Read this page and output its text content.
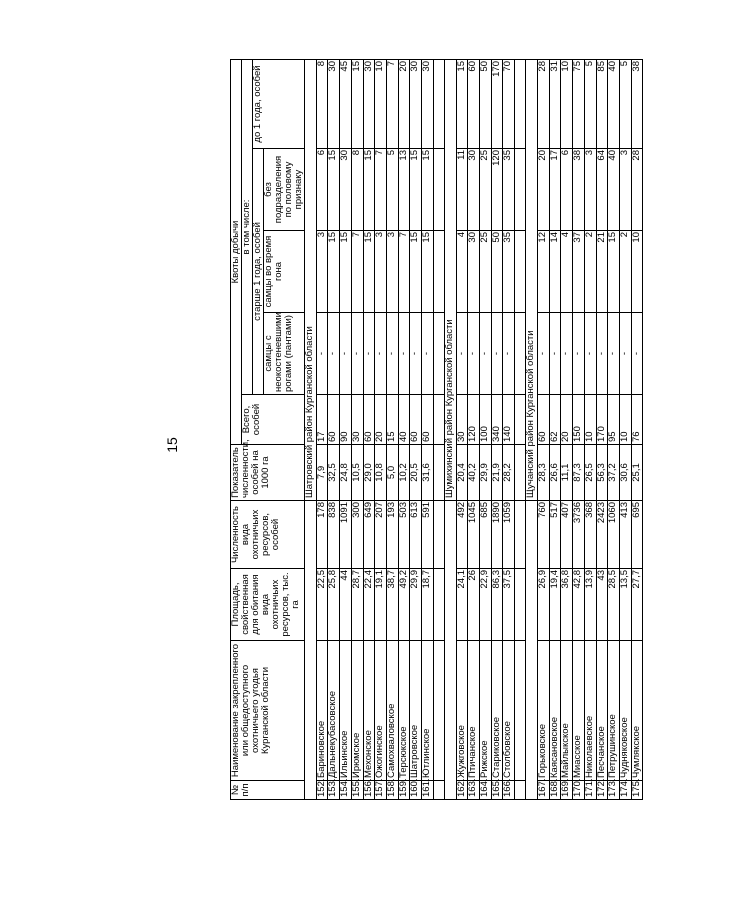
15
№ п/п	Наименование закрепленного или общедоступного охотничьего угодья Курганской области	Площадь, свойственная для обитания вида охотничьих ресурсов, тыс. га	Численность вида охотничьих ресурсов, особей	Показатель численности, особей на 1000 га	Квоты добычи				
					Всего, особей	в том числе:			
						старше 1 года, особей			до 1 года, особей
						самцы с неокостеневшими рогами (пантами)	самцы во время гона	без подразделения по половому признаку	
				Шатровский район Курганской области					
152.	Бариновское	22,5	178	7,9	17	-	3	6	8
153.	Дальнекубасовское	25,8	838	32,5	60	-	15	15	30
154.	Ильинское	44	1091	24,8	90	-	15	30	45
155.	Ирюмское	28,7	300	10,5	30	-	7	8	15
156.	Мехонское	22,4	649	29,0	60	-	15	15	30
157.	Ожогинское	19,1	207	10,8	20	-	3	7	10
158.	Самохваловское	38,7	193	5,0	15	-	3	5	7
159.	Терсюкское	49,2	503	10,2	40	-	7	13	20
160.	Шатровское	29,9	613	20,5	60	-	15	15	30
161.	Ютлинское	18,7	591	31,6	60	-	15	15	30

				Шумихинский район Курганской области					
162.	Жужговское	24,1	492	20,4	30	-	4	11	15
163.	Птичанское	26	1045	40,2	120	-	30	30	60
164.	Рижское	22,9	685	29,9	100	-	25	25	50
165.	Стариковское	86,3	1890	21,9	340	-	50	120	170
166.	Столбовское	37,5	1059	28,2	140	-	35	35	70

				Щучанский район Курганской области					
167.	Горьковское	26,9	760	28,3	60	-	12	20	28
168.	Каясановское	19,4	517	26,6	62	-	14	17	31
169.	Майлыкское	36,8	407	11,1	20	-	4	6	10
170.	Миасское	42,8	3736	87,3	150	-	37	38	75
171.	Николаевское	13,9	368	26,5	10	-	2	3	5
172.	Песчанское	43	2423	56,3	170	-	21	64	85
173.	Петрушинское	28,5	1060	37,2	95	-	15	40	40
174.	Чудняковское	13,5	413	30,6	10	-	2	3	5
175.	Чумлякское	27,7	695	25,1	76	-	10	28	38
